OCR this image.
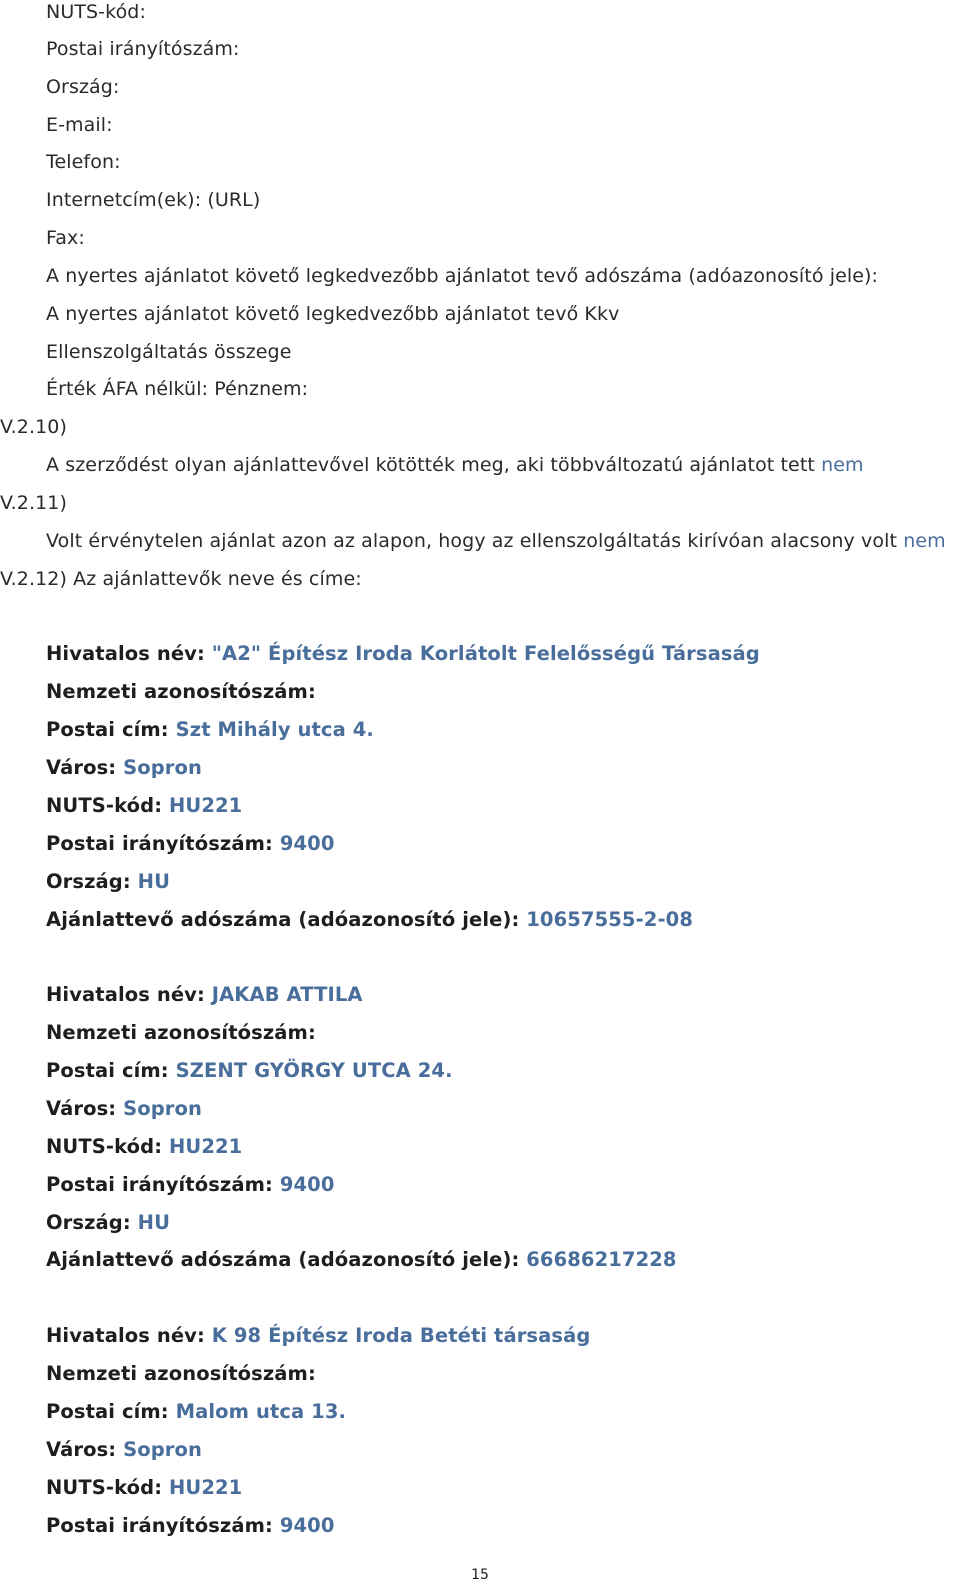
NUTS-kód:
Postai irányítószám:
Ország:
E-mail:
Telefon:
Internetcím(ek): (URL)
Fax:
A nyertes ajánlatot követő legkedvezőbb ajánlatot tevő adószáma (adóazonosító jele):
A nyertes ajánlatot követő legkedvezőbb ajánlatot tevő Kkv
Ellenszolgáltatás összege
Érték ÁFA nélkül: Pénznem:
V.2.10)
A szerződést olyan ajánlattevővel kötötték meg, aki többváltozatú ajánlatot tett nem
V.2.11)
Volt érvénytelen ajánlat azon az alapon, hogy az ellenszolgáltatás kirívóan alacsony volt nem
V.2.12) Az ajánlattevők neve és címe:
Hivatalos név: "A2" Építész Iroda Korlátolt Felelősségű Társaság
Nemzeti azonosítószám:
Postai cím: Szt Mihály utca 4.
Város: Sopron
NUTS-kód: HU221
Postai irányítószám: 9400
Ország: HU
Ajánlattevő adószáma (adóazonosító jele): 10657555-2-08
Hivatalos név: JAKAB ATTILA
Nemzeti azonosítószám:
Postai cím: SZENT GYÖRGY UTCA 24.
Város: Sopron
NUTS-kód: HU221
Postai irányítószám: 9400
Ország: HU
Ajánlattevő adószáma (adóazonosító jele): 66686217228
Hivatalos név: K 98 Építész Iroda Betéti társaság
Nemzeti azonosítószám:
Postai cím: Malom utca 13.
Város: Sopron
NUTS-kód: HU221
Postai irányítószám: 9400
15
